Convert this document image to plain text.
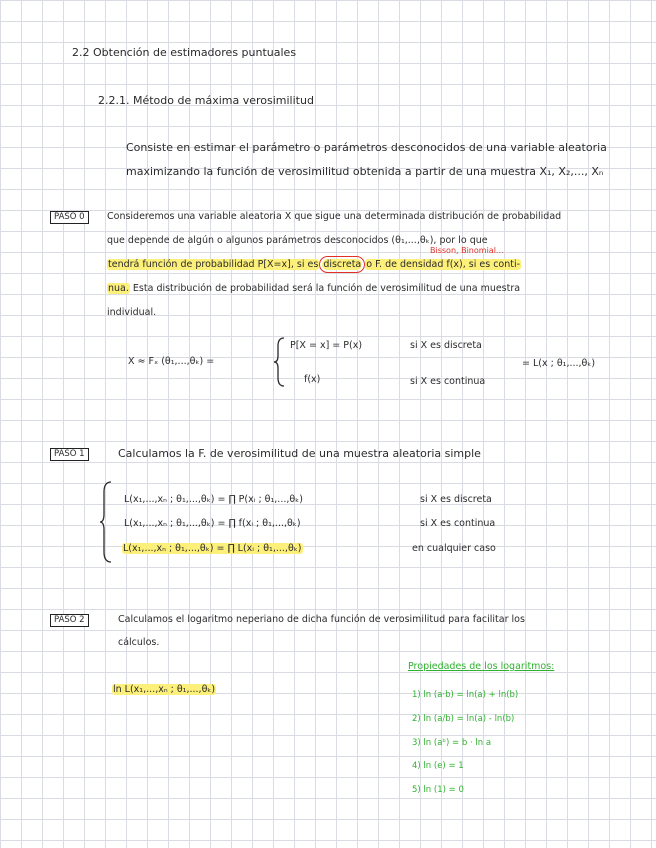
2.2 Obtención de estimadores puntuales
2.2.1. Método de máxima verosimilitud
Consiste en estimar el parámetro o parámetros desconocidos de una variable aleatoria
maximizando la función de verosimilitud obtenida a partir de una muestra X₁, X₂,..., Xₙ
PASO 0	Consideremos una variable aleatoria X que sigue una determinada distribución de probabilidad
que depende de algún o algunos parámetros desconocidos (θ₁,...,θₖ), por lo que
Bisson, Binomial...
tendrá función de probabilidad P[X=x], si es discreta o F. de densidad f(x), si es conti-
nua. Esta distribución de probabilidad será la función de verosimilitud de una muestra
individual.
X ≈ Fₓ (θ₁,...,θₖ) =
P[X = x] = P(x)	si X es discreta
f(x)	si X es continua
= L(x ; θ₁,...,θₖ)
PASO 1	Calculamos la F. de verosimilitud de una muestra aleatoria simple
L(x₁,...,xₙ ; θ₁,...,θₖ) = ∏ P(xᵢ ; θ₁,...,θₖ)	si X es discreta
L(x₁,...,xₙ ; θ₁,...,θₖ) = ∏ f(xᵢ ; θ₁,...,θₖ)	si X es continua
L(x₁,...,xₙ ; θ₁,...,θₖ) = ∏ L(xᵢ ; θ₁,...,θₖ)	en cualquier caso
PASO 2	Calculamos el logaritmo neperiano de dicha función de verosimilitud para facilitar los
cálculos.
ln L(x₁,...,xₙ ; θ₁,...,θₖ)
Propiedades de los logaritmos:
1) ln (a·b) = ln(a) + ln(b)
2) ln (a/b) = ln(a) - ln(b)
3) ln (aᵇ) = b · ln a
4) ln (e) = 1
5) ln (1) = 0
